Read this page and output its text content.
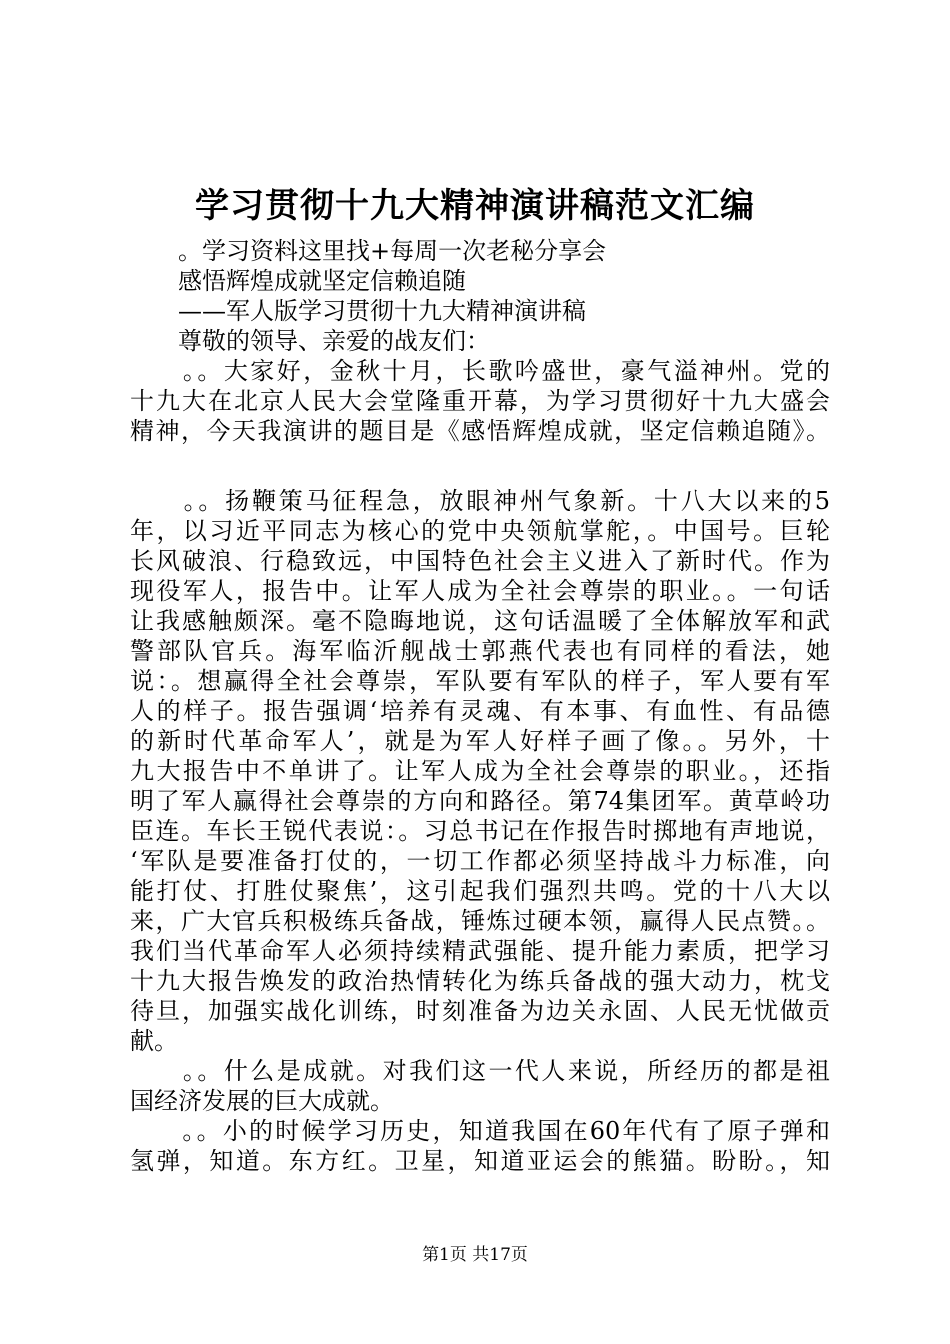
学习贯彻十九大精神演讲稿范文汇编
　　。学习资料这里找+每周一次老秘分享会
　　感悟辉煌成就坚定信赖追随
　　——军人版学习贯彻十九大精神演讲稿
　　尊敬的领导、亲爱的战友们：
　　。。大家好，金秋十月，长歌吟盛世，豪气溢神州。党的
十九大在北京人民大会堂隆重开幕，为学习贯彻好十九大盛会
精神，今天我演讲的题目是《感悟辉煌成就，坚定信赖追随》。
　　。。扬鞭策马征程急，放眼神州气象新。十八大以来的5
年，以习近平同志为核心的党中央领航掌舵，。中国号。巨轮
长风破浪、行稳致远，中国特色社会主义进入了新时代。作为
现役军人，报告中。让军人成为全社会尊崇的职业。。一句话
让我感触颇深。毫不隐晦地说，这句话温暖了全体解放军和武
警部队官兵。海军临沂舰战士郭燕代表也有同样的看法，她
说：。想赢得全社会尊崇，军队要有军队的样子，军人要有军
人的样子。报告强调‘培养有灵魂、有本事、有血性、有品德
的新时代革命军人’，就是为军人好样子画了像。。另外，十
九大报告中不单讲了。让军人成为全社会尊崇的职业。，还指
明了军人赢得社会尊崇的方向和路径。第74集团军。黄草岭功
臣连。车长王锐代表说：。习总书记在作报告时掷地有声地说，
‘军队是要准备打仗的，一切工作都必须坚持战斗力标准，向
能打仗、打胜仗聚焦’，这引起我们强烈共鸣。党的十八大以
来，广大官兵积极练兵备战，锤炼过硬本领，赢得人民点赞。。
我们当代革命军人必须持续精武强能、提升能力素质，把学习
十九大报告焕发的政治热情转化为练兵备战的强大动力，枕戈
待旦，加强实战化训练，时刻准备为边关永固、人民无忧做贡
献。
　　。。什么是成就。对我们这一代人来说，所经历的都是祖
国经济发展的巨大成就。
　　。。小的时候学习历史，知道我国在60年代有了原子弹和
氢弹，知道。东方红。卫星，知道亚运会的熊猫。盼盼。，知
第1页 共17页
